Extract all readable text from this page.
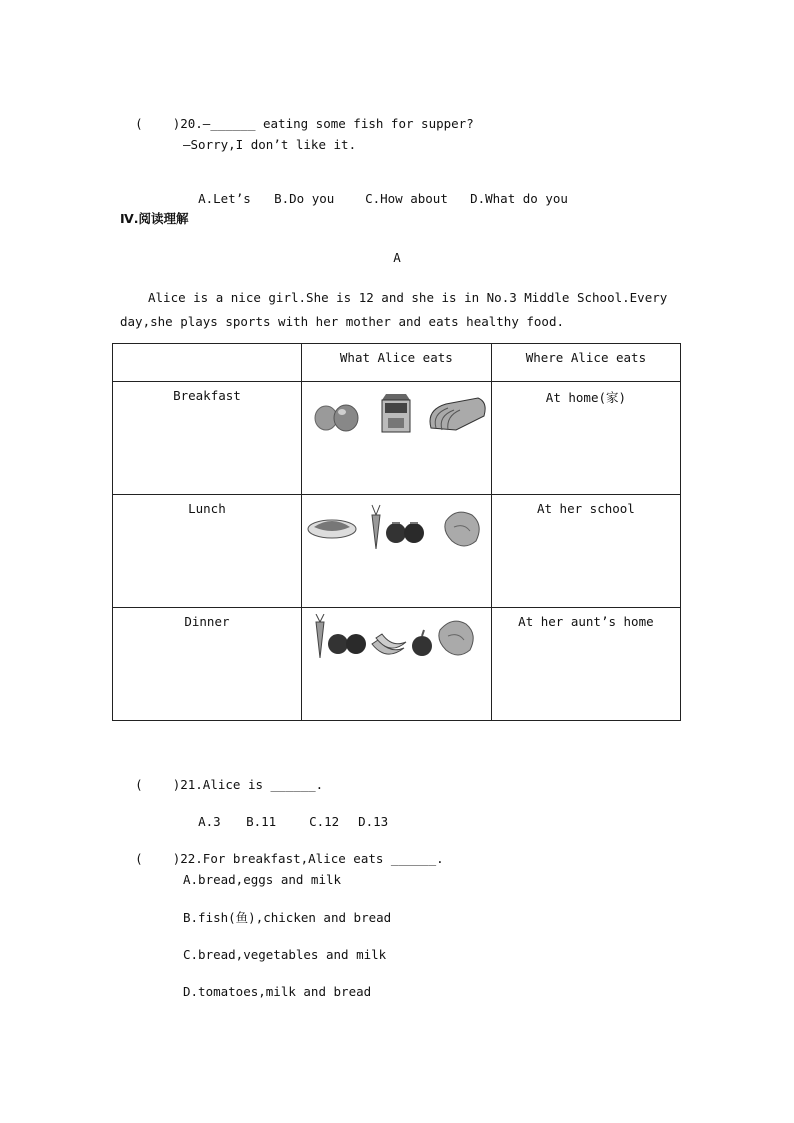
(    )20.—______ eating some fish for supper?

—Sorry,I don’t like it.

A.Let’s B.Do you C.How about D.What do you

Ⅳ.阅读理解
A
Alice is a nice girl.She is 12 and she is in No.3 Middle School.Every day,she plays sports with her mother and eats healthy food.
	What Alice eats	Where Alice eats
Breakfast		At home(家)
Lunch		At her school
Dinner		At her aunt’s home

(    )21.Alice is ______.

A.3 B.11	C.12 D.13

(    )22.For breakfast,Alice eats ______.

A.bread,eggs and milk
B.fish(鱼),chicken and bread
C.bread,vegetables and milk
D.tomatoes,milk and bread
